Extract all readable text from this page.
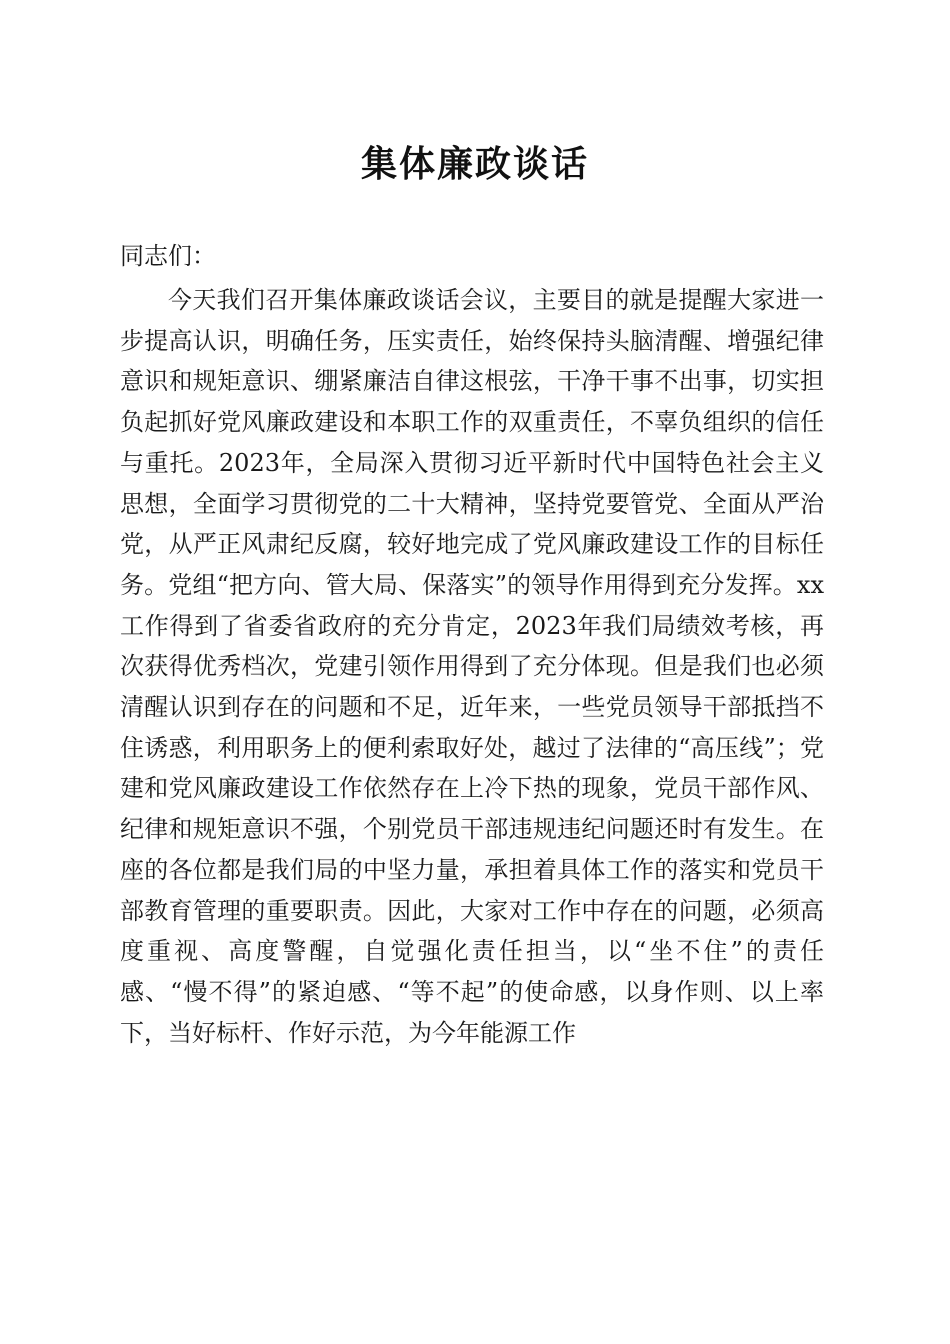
集体廉政谈话

同志们：

今天我们召开集体廉政谈话会议，主要目的就是提醒大家进一步提高认识，明确任务，压实责任，始终保持头脑清醒、增强纪律意识和规矩意识、绷紧廉洁自律这根弦，干净干事不出事，切实担负起抓好党风廉政建设和本职工作的双重责任，不辜负组织的信任与重托。2023年，全局深入贯彻习近平新时代中国特色社会主义思想，全面学习贯彻党的二十大精神，坚持党要管党、全面从严治党，从严正风肃纪反腐，较好地完成了党风廉政建设工作的目标任务。党组“把方向、管大局、保落实”的领导作用得到充分发挥。xx工作得到了省委省政府的充分肯定，2023年我们局绩效考核，再次获得优秀档次，党建引领作用得到了充分体现。但是我们也必须清醒认识到存在的问题和不足，近年来，一些党员领导干部抵挡不住诱惑，利用职务上的便利索取好处，越过了法律的“高压线”；党建和党风廉政建设工作依然存在上冷下热的现象，党员干部作风、纪律和规矩意识不强，个别党员干部违规违纪问题还时有发生。在座的各位都是我们局的中坚力量，承担着具体工作的落实和党员干部教育管理的重要职责。因此，大家对工作中存在的问题，必须高度重视、高度警醒，自觉强化责任担当，以“坐不住”的责任感、“慢不得”的紧迫感、“等不起”的使命感，以身作则、以上率下，当好标杆、作好示范，为今年能源工作
